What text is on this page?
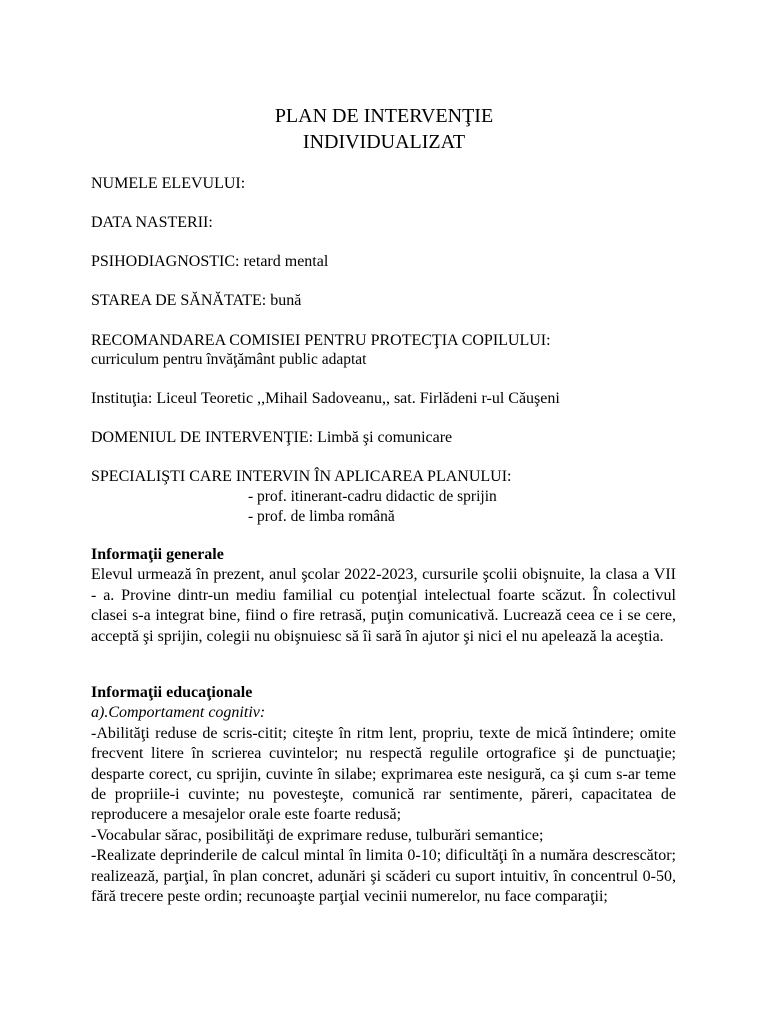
PLAN DE INTERVENŢIE
INDIVIDUALIZAT
NUMELE ELEVULUI:
DATA NASTERII:
PSIHODIAGNOSTIC: retard mental
STAREA DE SĂNĂTATE: bună
RECOMANDAREA COMISIEI PENTRU PROTECŢIA COPILULUI:
curriculum pentru învăţământ public adaptat
Instituţia: Liceul Teoretic ,,Mihail Sadoveanu,, sat. Firlădeni r-ul Căuşeni
DOMENIUL DE INTERVENŢIE: Limbă şi comunicare
SPECIALIŞTI CARE INTERVIN ÎN APLICAREA PLANULUI:
- prof. itinerant-cadru didactic de sprijin
- prof. de limba română

Informaţii generale

Elevul urmează în prezent, anul şcolar 2022-2023, cursurile şcolii obişnuite, la clasa a VII - a. Provine dintr-un mediu familial cu potenţial intelectual foarte scăzut. În colectivul clasei s-a integrat bine, fiind o fire retrasă, puţin comunicativă. Lucrează ceea ce i se cere, acceptă şi sprijin, colegii nu obişnuiesc să îi sară în ajutor şi nici el nu apelează la aceştia.

Informaţii educaţionale

a).Comportament cognitiv:

-Abilităţi reduse de scris-citit; citeşte în ritm lent, propriu, texte de mică întindere; omite frecvent litere în scrierea cuvintelor; nu respectă regulile ortografice şi de punctuaţie; desparte corect, cu sprijin, cuvinte în silabe; exprimarea este nesigură, ca şi cum s-ar teme de propriile-i cuvinte; nu povesteşte, comunică rar sentimente, păreri, capacitatea de reproducere a mesajelor orale este foarte redusă;

-Vocabular sărac, posibilităţi de exprimare reduse, tulburări semantice;

-Realizate deprinderile de calcul mintal în limita 0-10; dificultăţi în a număra descrescător; realizează, parţial, în plan concret, adunări şi scăderi cu suport intuitiv, în concentrul 0-50, fără trecere peste ordin; recunoaşte parţial vecinii numerelor, nu face comparaţii;
